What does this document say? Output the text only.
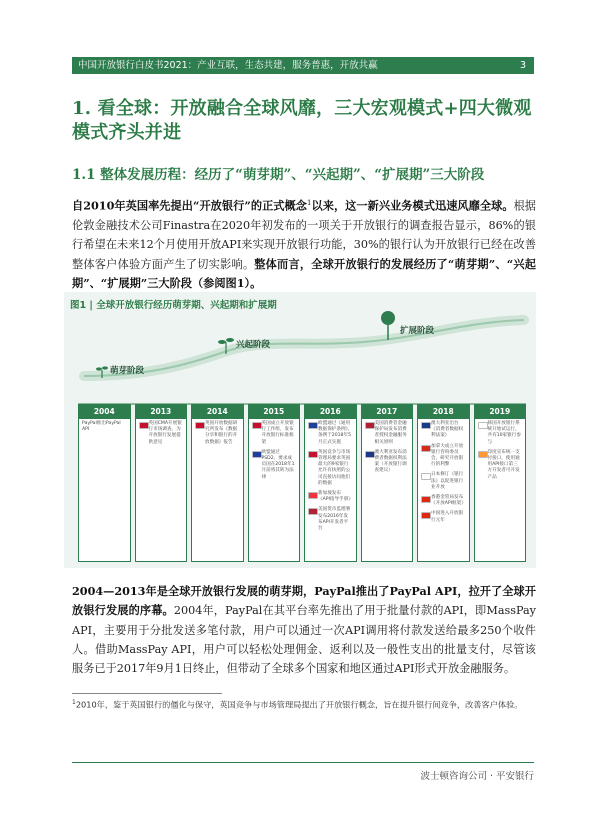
中国开放银行白皮书2021：产业互联，生态共建，服务普惠，开放共赢	3
1. 看全球：开放融合全球风靡，三大宏观模式+四大微观模式齐头并进
1.1 整体发展历程：经历了“萌芽期”、“兴起期”、“扩展期”三大阶段
自2010年英国率先提出“开放银行”的正式概念$^1$以来，这一新兴业务模式迅速风靡全球。根据伦敦金融技术公司Finastra在2020年初发布的一项关于开放银行的调查报告显示，86%的银行希望在未来12个月使用开放API来实现开放银行功能，30%的银行认为开放银行已经在改善整体客户体验方面产生了切实影响。整体而言，全球开放银行的发展经历了“萌芽期”、“兴起期”、“扩展期”三大阶段（参阅图1）。
图1 | 全球开放银行经历萌芽期、兴起期和扩展期
萌芽阶段
兴起阶段
扩展阶段
2004
PayPal推出PayPal API
2013
英国CMA开展银行市场调查，为开放银行发展提供意见
2014
英国开放数据研究所发布《数据分享和银行的开放数据》报告
2015
英国成立开放银行工作组，发布开放银行标准框架
欧盟通过PSD2，要求成员国在2018年1月前将其转为法律
2016
欧盟通过《通用数据保护条例》，条例于2018年5月正式实施
英国竞争与市场管理局要求英国最大的9家银行允许有执照的公司直接访问他们的数据
新加坡发布《API指导手册》
美国货币监理署发布2016年发布API开发者平台
2017
美国消费者金融保护局发布消费者授权金融服务相关原则
澳大利亚发布消费者数据权利法案（开放银行调查建议）
2018
澳大利亚出台《消费者数据权利法案》
加拿大成立开放银行咨询委员会，研究开放银行的利弊
日本修订《银行法》以促进银行业开放
香港金管局发布《开放API框架》
中国进入开放银行元年
2019
韩国开放银行系统开始试运行，共有10家银行参与
印度宣布统一支付接口，使用通用API接口第三方开发者可开发产品
2004—2013年是全球开放银行发展的萌芽期，PayPal推出了PayPal API，拉开了全球开放银行发展的序幕。2004年，PayPal在其平台率先推出了用于批量付款的API，即MassPay API，主要用于分批发送多笔付款，用户可以通过一次API调用将付款发送给最多250个收件人。借助MassPay API，用户可以轻松处理佣金、返利以及一般性支出的批量支付，尽管该服务已于2017年9月1日终止，但带动了全球多个国家和地区通过API形式开放金融服务。
$^1$2010年，鉴于英国银行的僵化与保守，英国竞争与市场管理局提出了开放银行概念，旨在提升银行间竞争，改善客户体验。
波士顿咨询公司 · 平安银行
